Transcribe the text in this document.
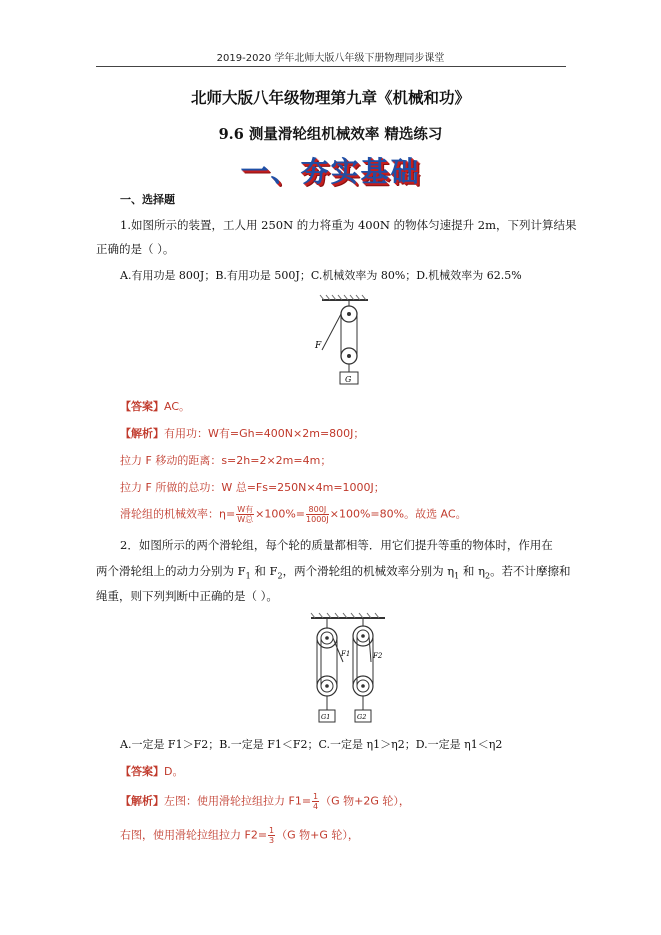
2019-2020 学年北师大版八年级下册物理同步课堂
北师大版八年级物理第九章《机械和功》
9.6 测量滑轮组机械效率 精选练习
一、夯实基础
一、选择题
1.如图所示的装置，工人用 250N 的力将重为 400N 的物体匀速提升 2m，下列计算结果
正确的是（ ）。
A.有用功是 800J；B.有用功是 500J；C.机械效率为 80%；D.机械效率为 62.5%
F
G
【答案】AC。
【解析】有用功：W有=Gh=400N×2m=800J；
拉力 F 移动的距离：s=2h=2×2m=4m；
拉力 F 所做的总功：W 总=Fs=250N×4m=1000J；
滑轮组的机械效率：$\eta= \frac{\text{W有}}{\text{W总}} \times 100\%= \frac{800J}{1000J} \times 100\%=80\%$。故选 AC。
2．如图所示的两个滑轮组，每个轮的质量都相等．用它们提升等重的物体时，作用在
两个滑轮组上的动力分别为 $F_1$ 和 $F_2$，两个滑轮组的机械效率分别为 $\eta_1$ 和 $\eta_2$。若不计摩擦和
绳重，则下列判断中正确的是（ ）。
F1	F2
G1	G2
A.一定是 F1＞F2；B.一定是 F1＜F2；C.一定是 η1＞η2；D.一定是 η1＜η2
【答案】D。
【解析】左图：使用滑轮拉组拉力 $F1= \frac{1}{4} (G$ 物+2G 轮），
右图，使用滑轮拉组拉力 $F2= \frac{1}{3} (G$ 物+G 轮），
